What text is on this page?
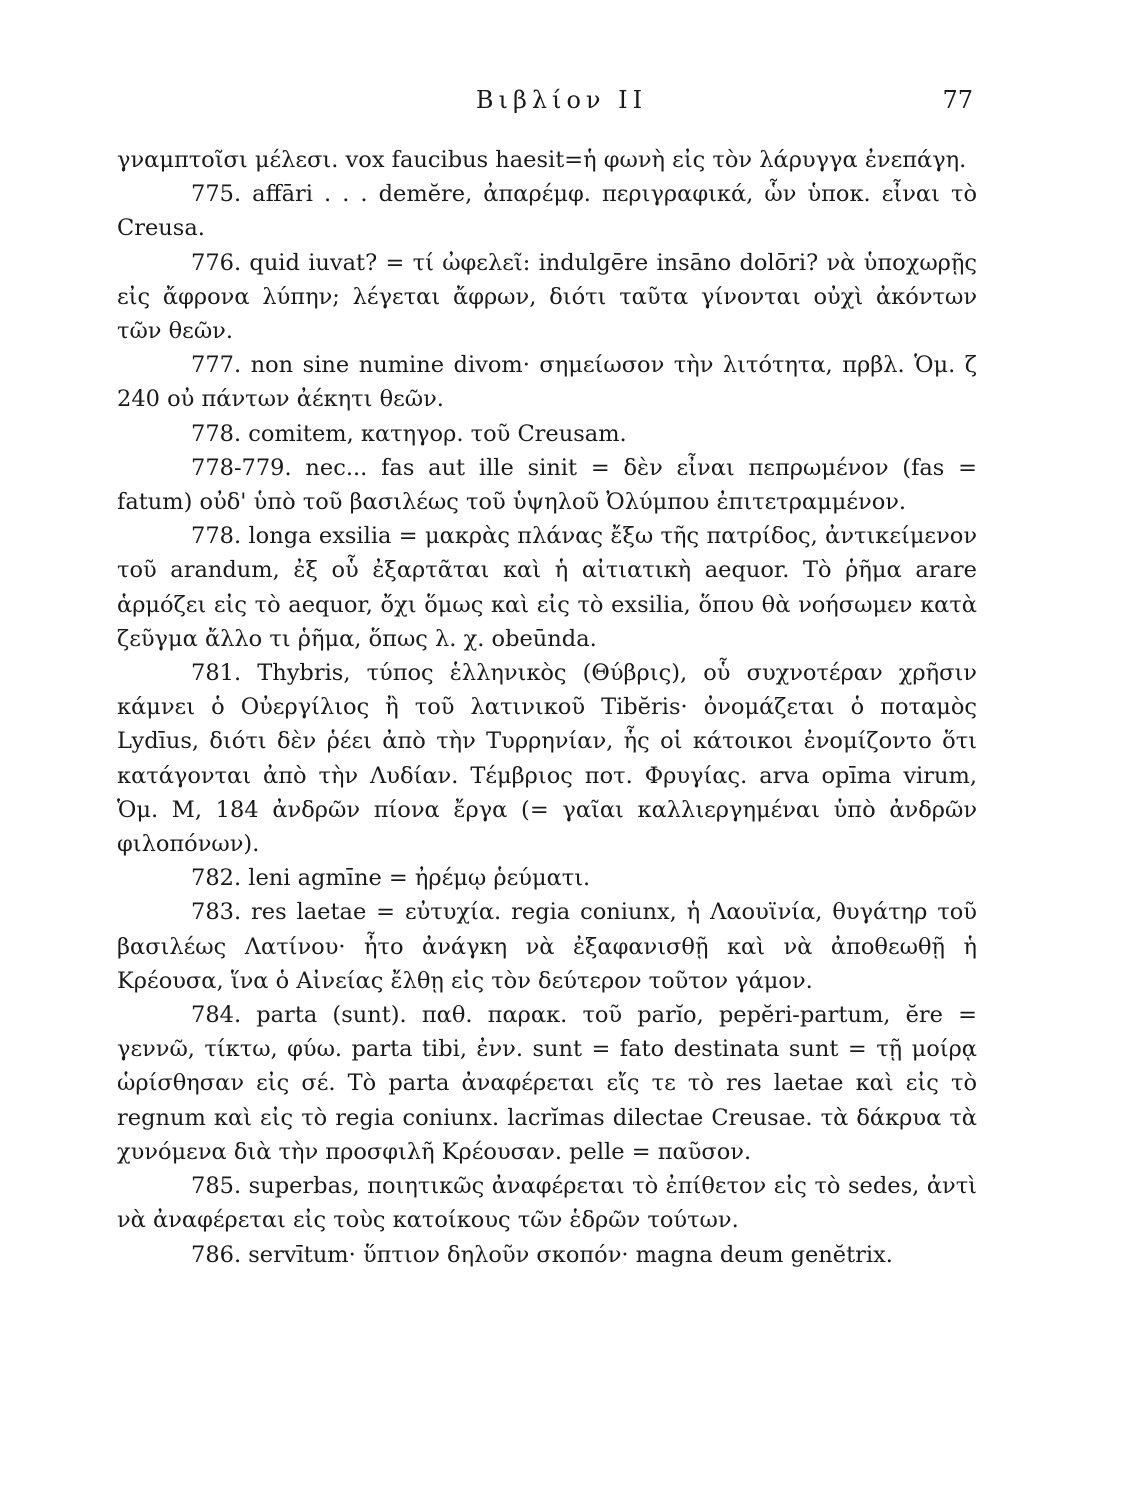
Βιβλίον ΙΙ	77

γναμπτοῖσι μέλεσι. vox faucibus haesit=ἡ φωνὴ εἰς τὸν λάρυγγα ἐνεπάγη.

775. affāri . . . demĕre, ἀπαρέμφ. περιγραφικά, ὧν ὑποκ. εἶναι τὸ Creusa.

776. quid iuvat? = τί ὠφελεῖ: indulgēre insāno dolōri? νὰ ὑποχωρῇς εἰς ἄφρονα λύπην; λέγεται ἄφρων, διότι ταῦτα γίνονται οὐχὶ ἀκόντων τῶν θεῶν.

777. non sine numine divom· σημείωσον τὴν λιτότητα, πρβλ. Ὁμ. ζ 240 οὐ πάντων ἀέκητι θεῶν.

778. comitem, κατηγορ. τοῦ Creusam.

778-779. nec... fas aut ille sinit = δὲν εἶναι πεπρωμένον (fas = fatum) οὐδ' ὑπὸ τοῦ βασιλέως τοῦ ὑψηλοῦ Ὀλύμπου ἐπιτετραμμένον.

778. longa exsilia = μακρὰς πλάνας ἔξω τῆς πατρίδος, ἀντικείμενον τοῦ arandum, ἐξ οὗ ἐξαρτᾶται καὶ ἡ αἰτιατικὴ aequor. Τὸ ῥῆμα arare ἁρμόζει εἰς τὸ aequor, ὄχι ὅμως καὶ εἰς τὸ exsilia, ὅπου θὰ νοήσωμεν κατὰ ζεῦγμα ἄλλο τι ῥῆμα, ὅπως λ. χ. obeūnda.

781. Thybris, τύπος ἑλληνικὸς (Θύβρις), οὗ συχνοτέραν χρῆσιν κάμνει ὁ Οὐεργίλιος ἢ τοῦ λατινικοῦ Tibĕris· ὀνομάζεται ὁ ποταμὸς Lydīus, διότι δὲν ῥέει ἀπὸ τὴν Τυρρηνίαν, ἧς οἱ κάτοικοι ἐνομίζοντο ὅτι κατάγονται ἀπὸ τὴν Λυδίαν. Τέμβριος ποτ. Φρυγίας. arva opīma virum, Ὁμ. Μ, 184 ἀνδρῶν πίονα ἔργα (= γαῖαι καλλιεργημέναι ὑπὸ ἀνδρῶν φιλοπόνων).

782. leni agmīne = ἠρέμῳ ῥεύματι.

783. res laetae = εὐτυχία. regia coniunx, ἡ Λαουϊνία, θυγάτηρ τοῦ βασιλέως Λατίνου· ἦτο ἀνάγκη νὰ ἐξαφανισθῇ καὶ νὰ ἀποθεωθῇ ἡ Κρέουσα, ἵνα ὁ Αἰνείας ἔλθῃ εἰς τὸν δεύτερον τοῦτον γάμον.

784. parta (sunt). παθ. παρακ. τοῦ parĭo, pepĕri-partum, ĕre = γεννῶ, τίκτω, φύω. parta tibi, ἐνν. sunt = fato destinata sunt = τῇ μοίρᾳ ὡρίσθησαν εἰς σέ. Τὸ parta ἀναφέρεται εἴς τε τὸ res laetae καὶ εἰς τὸ regnum καὶ εἰς τὸ regia coniunx. lacrĭmas dilectae Creusae. τὰ δάκρυα τὰ χυνόμενα διὰ τὴν προσφιλῆ Κρέουσαν. pelle = παῦσον.

785. superbas, ποιητικῶς ἀναφέρεται τὸ ἐπίθετον εἰς τὸ sedes, ἀντὶ νὰ ἀναφέρεται εἰς τοὺς κατοίκους τῶν ἑδρῶν τούτων.

786. servītum· ὕπτιον δηλοῦν σκοπόν· magna deum genĕtrix.
